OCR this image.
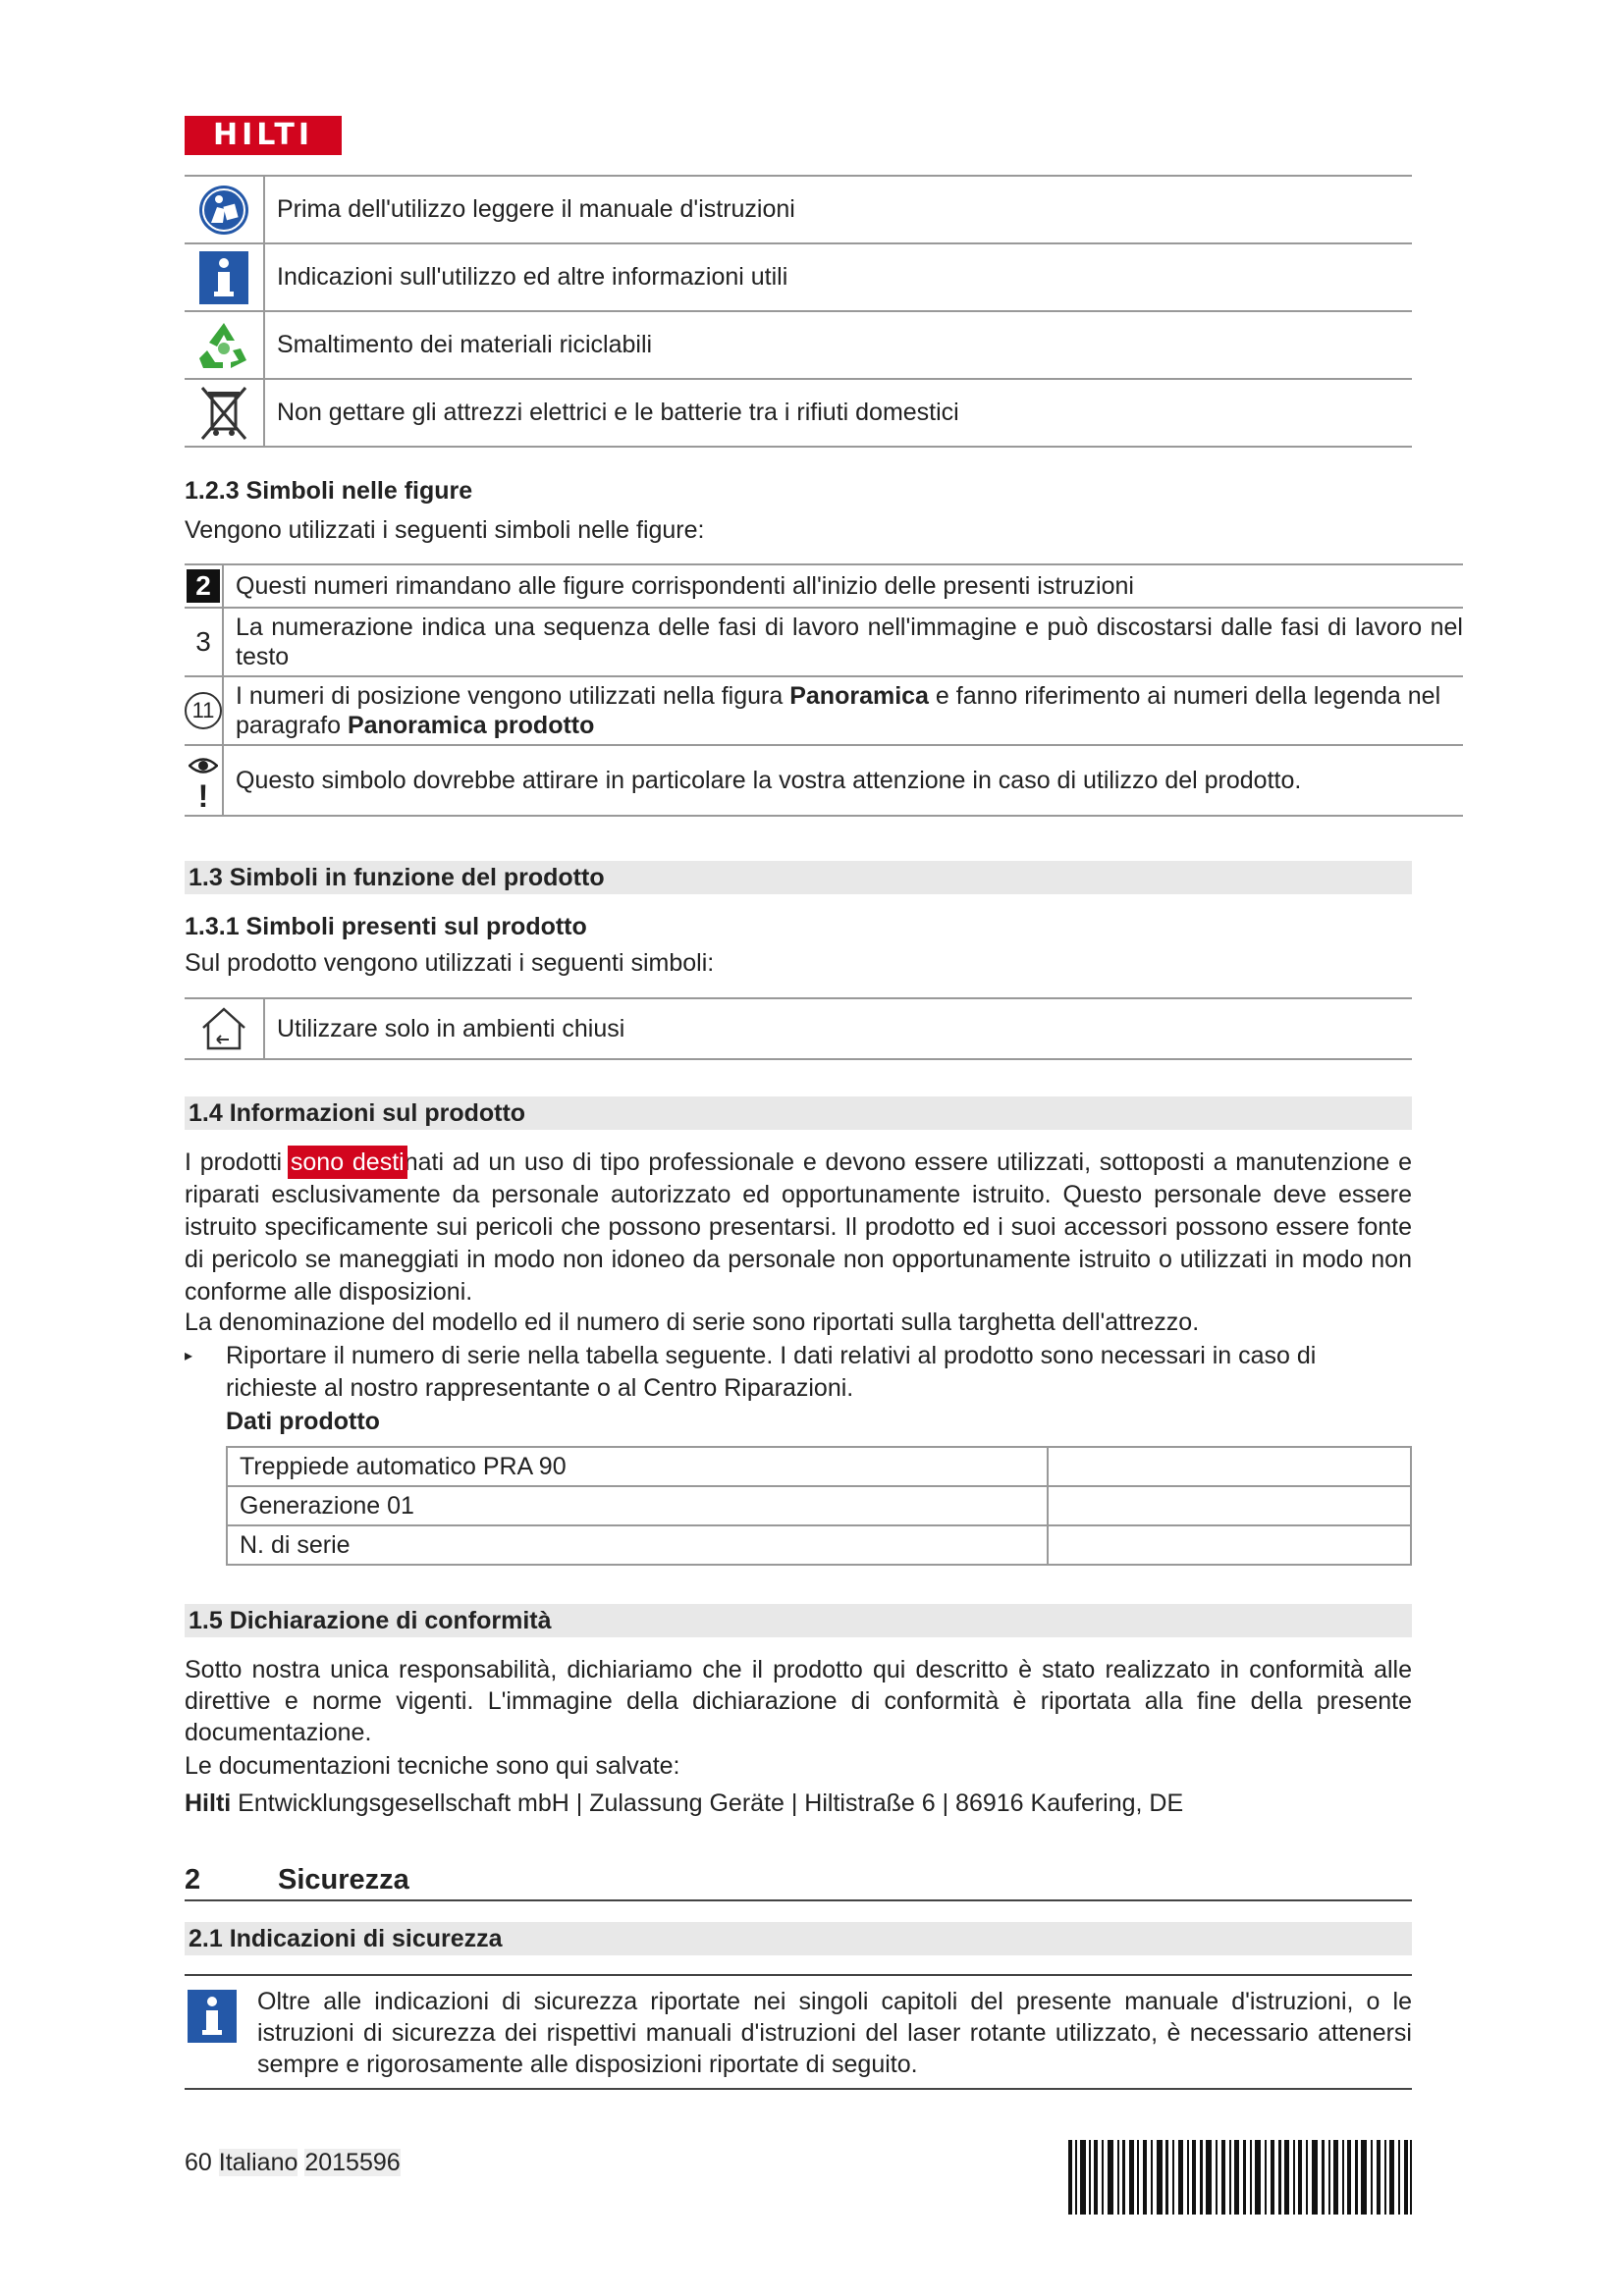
HILTI
	Prima dell'utilizzo leggere il manuale d'istruzioni
	Indicazioni sull'utilizzo ed altre informazioni utili
	Smaltimento dei materiali riciclabili
	Non gettare gli attrezzi elettrici e le batterie tra i rifiuti domestici
1.2.3 Simboli nelle figure

Vengono utilizzati i seguenti simboli nelle figure:

2	Questi numeri rimandano alle figure corrispondenti all'inizio delle presenti istruzioni
3	La numerazione indica una sequenza delle fasi di lavoro nell'immagine e può discostarsi dalle fasi di lavoro nel testo

11	I numeri di posizione vengono utilizzati nella figura Panoramica e fanno riferimento ai numeri della legenda nel paragrafo Panoramica prodotto
!	Questo simbolo dovrebbe attirare in particolare la vostra attenzione in caso di utilizzo del prodotto.
1.3 Simboli in funzione del prodotto
1.3.1 Simboli presenti sul prodotto

Sul prodotto vengono utilizzati i seguenti simboli:

	Utilizzare solo in ambienti chiusi
1.4 Informazioni sul prodotto

I prodotti sono destinati ad un uso di tipo professionale e devono essere utilizzati, sottoposti a manutenzione e riparati esclusivamente da personale autorizzato ed opportunamente istruito. Questo personale deve essere istruito specificamente sui pericoli che possono presentarsi. Il prodotto ed i suoi accessori possono essere fonte di pericolo se maneggiati in modo non idoneo da personale non opportunamente istruito o utilizzati in modo non conforme alle disposizioni.

La denominazione del modello ed il numero di serie sono riportati sulla targhetta dell'attrezzo.

▸ Riportare il numero di serie nella tabella seguente. I dati relativi al prodotto sono necessari in caso di richieste al nostro rappresentante o al Centro Riparazioni.
Dati prodotto
Treppiede automatico PRA 90	
Generazione 01	
N. di serie	
1.5 Dichiarazione di conformità

Sotto nostra unica responsabilità, dichiariamo che il prodotto qui descritto è stato realizzato in conformità alle direttive e norme vigenti. L'immagine della dichiarazione di conformità è riportata alla fine della presente documentazione.

Le documentazioni tecniche sono qui salvate:

Hilti Entwicklungsgesellschaft mbH | Zulassung Geräte | Hiltistraße 6 | 86916 Kaufering, DE

2	Sicurezza
2.1 Indicazioni di sicurezza
Oltre alle indicazioni di sicurezza riportate nei singoli capitoli del presente manuale d'istruzioni, o le istruzioni di sicurezza dei rispettivi manuali d'istruzioni del laser rotante utilizzato, è necessario attenersi sempre e rigorosamente alle disposizioni riportate di seguito.
60 Italiano 2015596
